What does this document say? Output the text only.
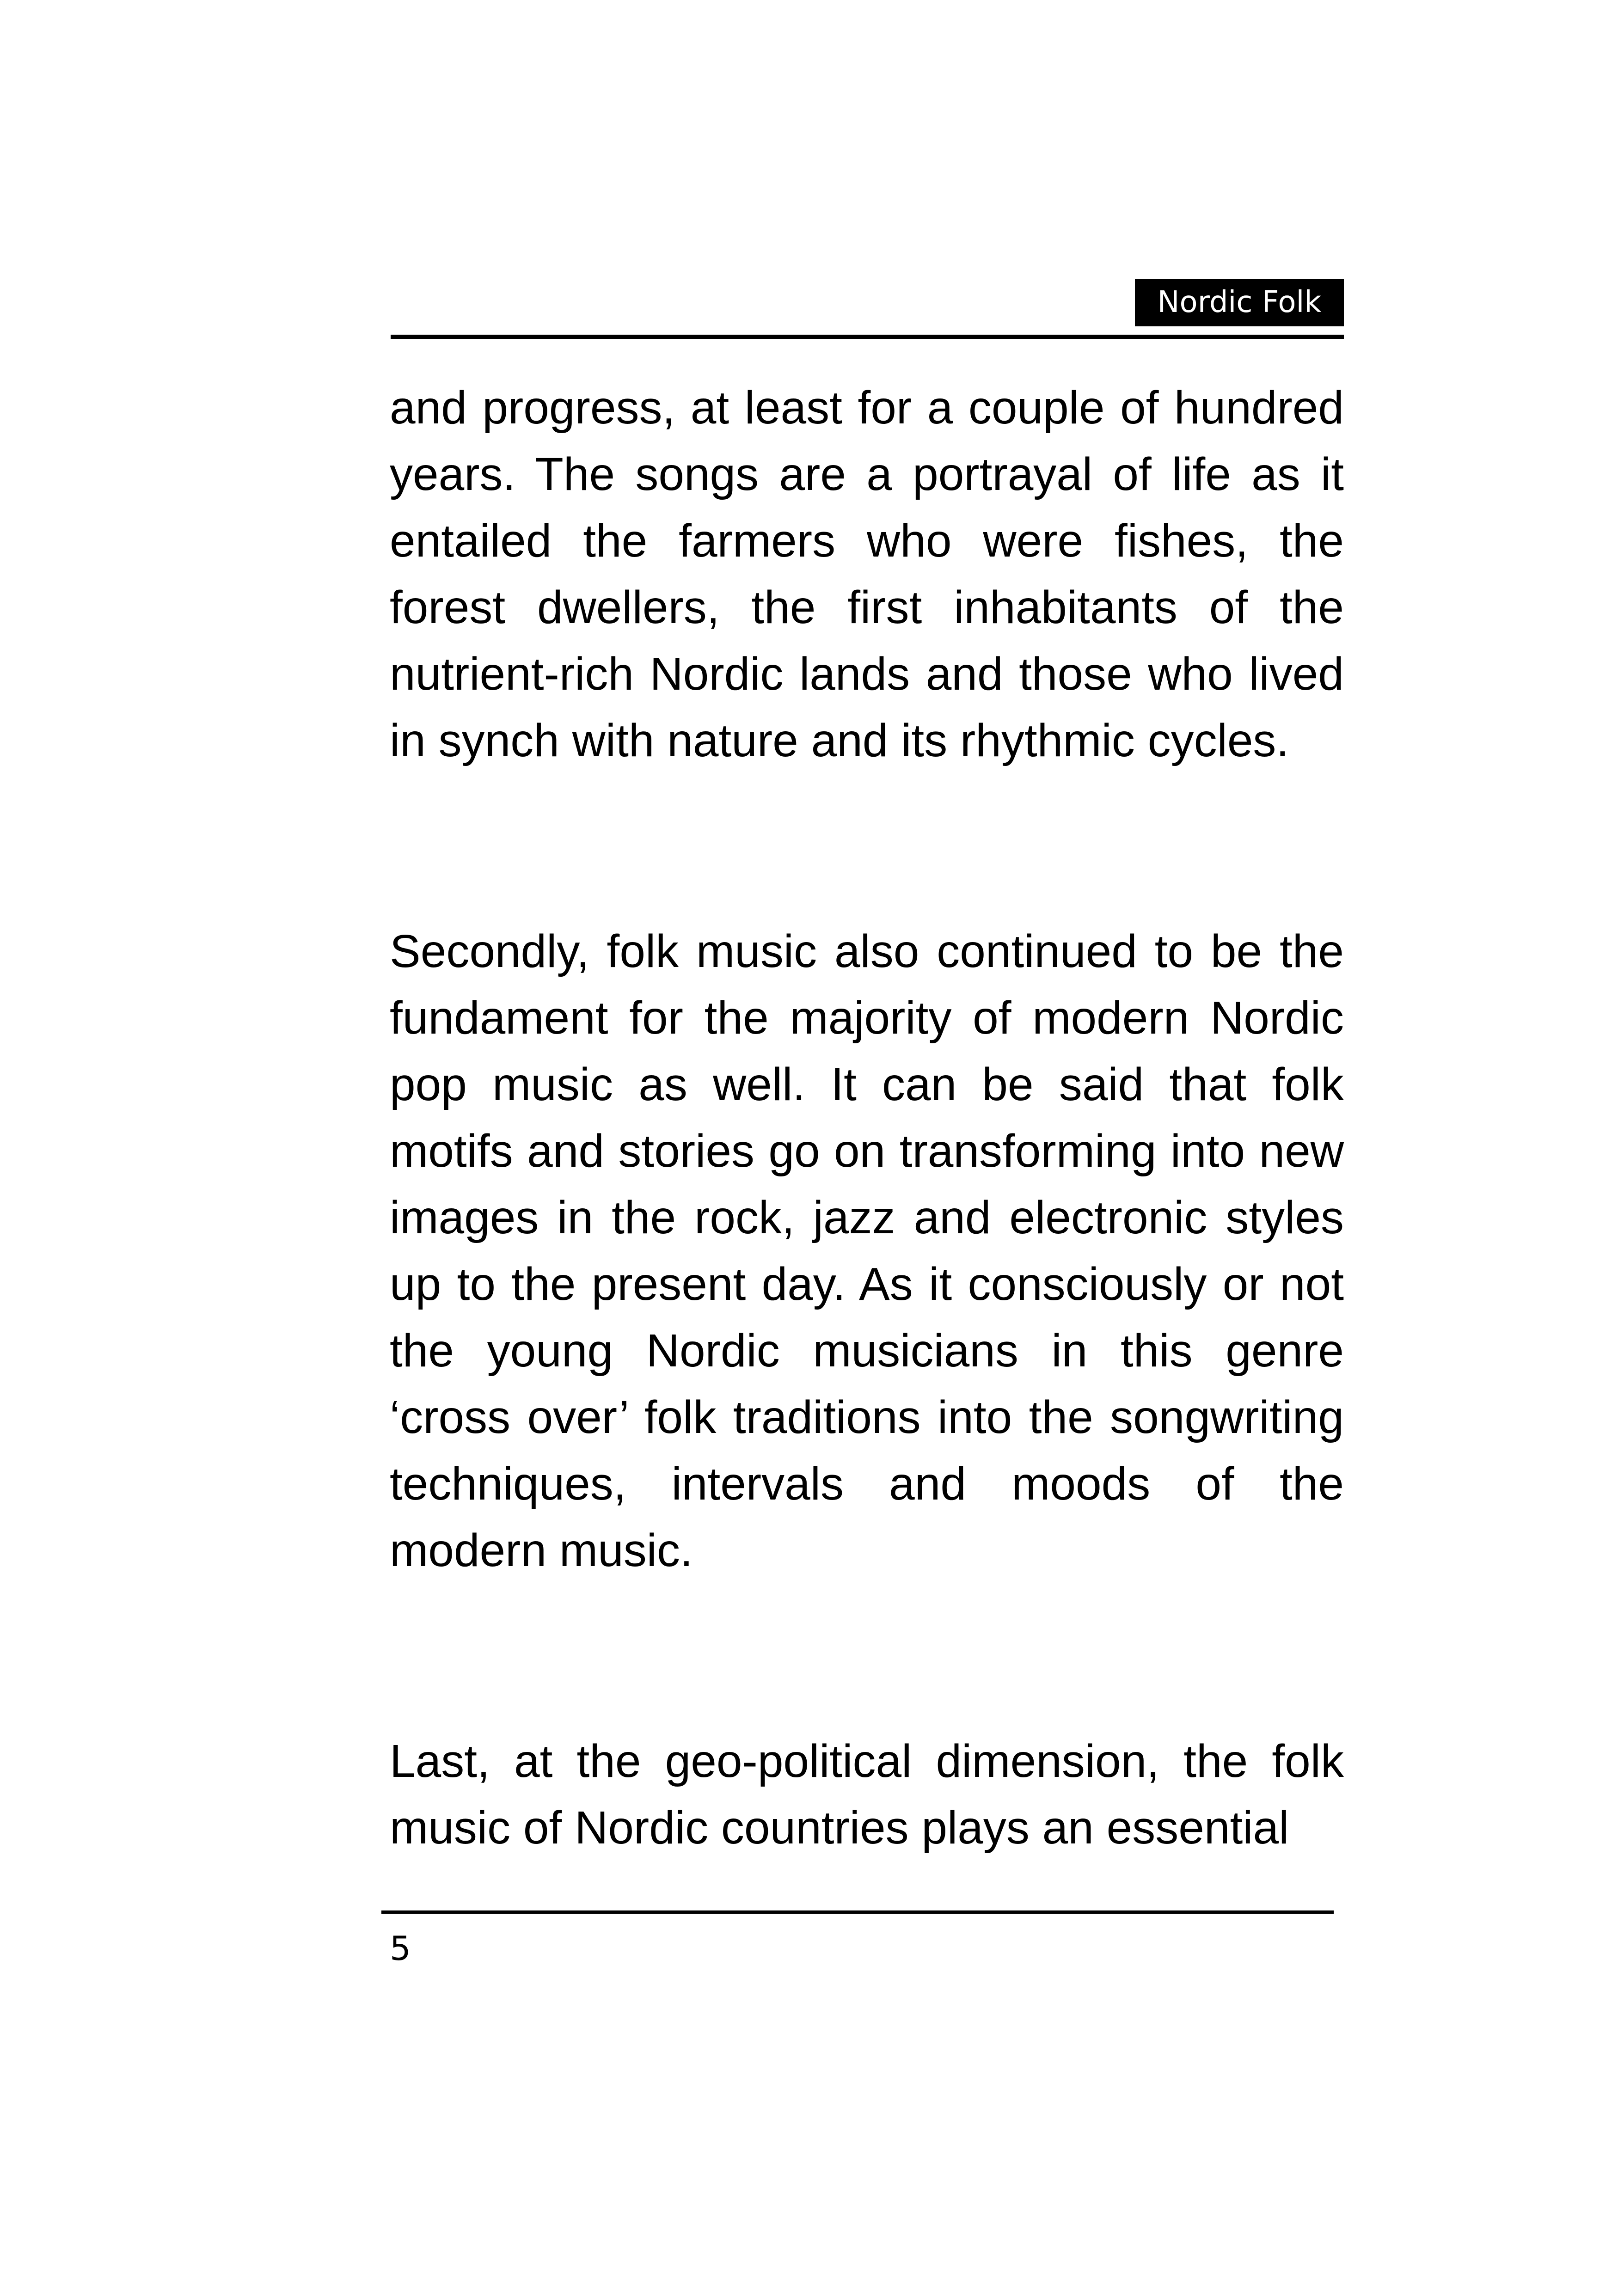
Nordic Folk

and progress, at least for a couple of hundred years. The songs are a portrayal of life as it entailed the farmers who were fishes, the forest dwellers, the first inhabitants of the nutrient-rich Nordic lands and those who lived in synch with nature and its rhythmic cycles.

Secondly, folk music also continued to be the fundament for the majority of modern Nordic pop music as well. It can be said that folk motifs and stories go on transforming into new images in the rock, jazz and electronic styles up to the present day. As it consciously or not the young Nordic musicians in this genre ‘cross over’ folk traditions into the songwriting techniques, intervals and moods of the modern music.

Last, at the geo-political dimension, the folk music of Nordic countries plays an essential

5
